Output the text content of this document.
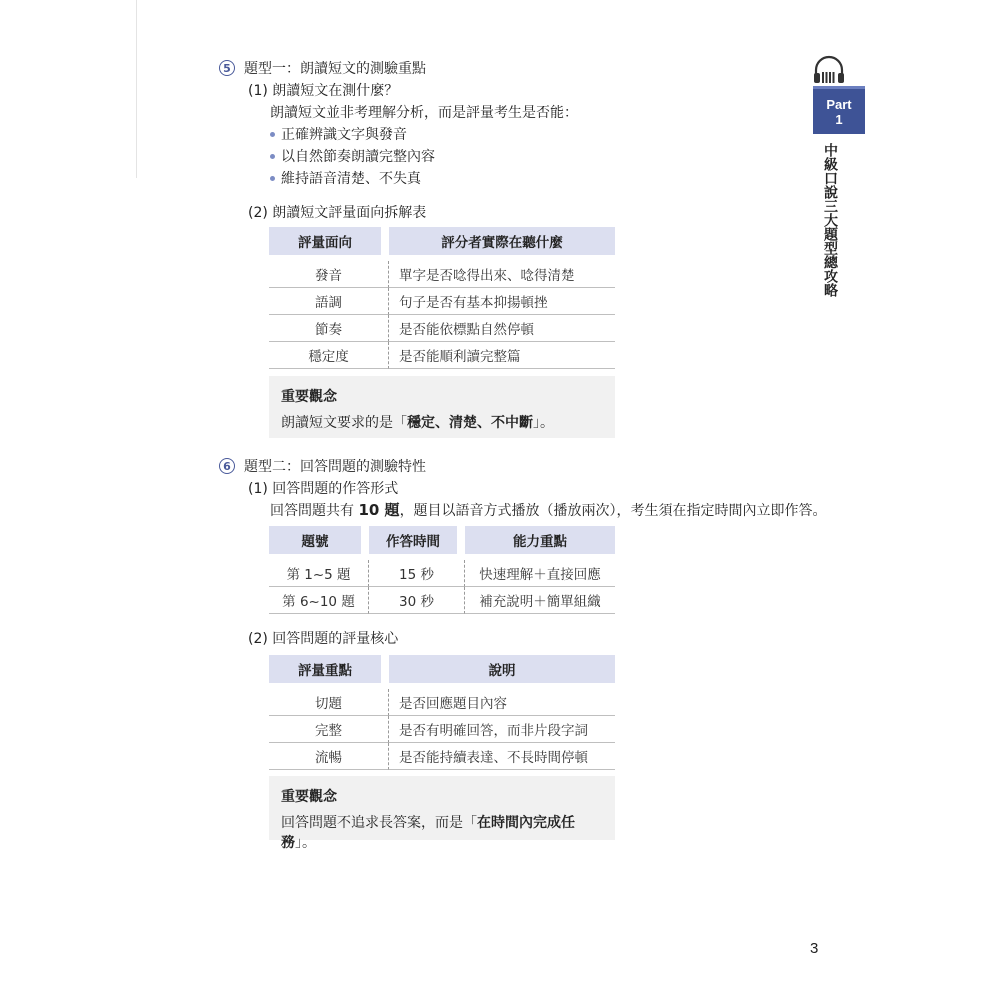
Part
1
中級口說三大題型總攻略
5 題型一：朗讀短文的測驗重點
(1) 朗讀短文在測什麼？
朗讀短文並非考理解分析，而是評量考生是否能：
正確辨識文字與發音
以自然節奏朗讀完整內容
維持語音清楚、不失真
(2) 朗讀短文評量面向拆解表
評量面向		評分者實際在聽什麼
發音		單字是否唸得出來、唸得清楚
語調		句子是否有基本抑揚頓挫
節奏		是否能依標點自然停頓
穩定度		是否能順利讀完整篇
重要觀念
朗讀短文要求的是「穩定、清楚、不中斷」。
6 題型二：回答問題的測驗特性
(1) 回答問題的作答形式
回答問題共有 10 題，題目以語音方式播放（播放兩次），考生須在指定時間內立即作答。
題號		作答時間		能力重點
第 1~5 題		15 秒		快速理解＋直接回應
第 6~10 題		30 秒		補充說明＋簡單組織
(2) 回答問題的評量核心
評量重點		說明
切題		是否回應題目內容
完整		是否有明確回答，而非片段字詞
流暢		是否能持續表達、不長時間停頓
重要觀念
回答問題不追求長答案，而是「在時間內完成任務」。
3
